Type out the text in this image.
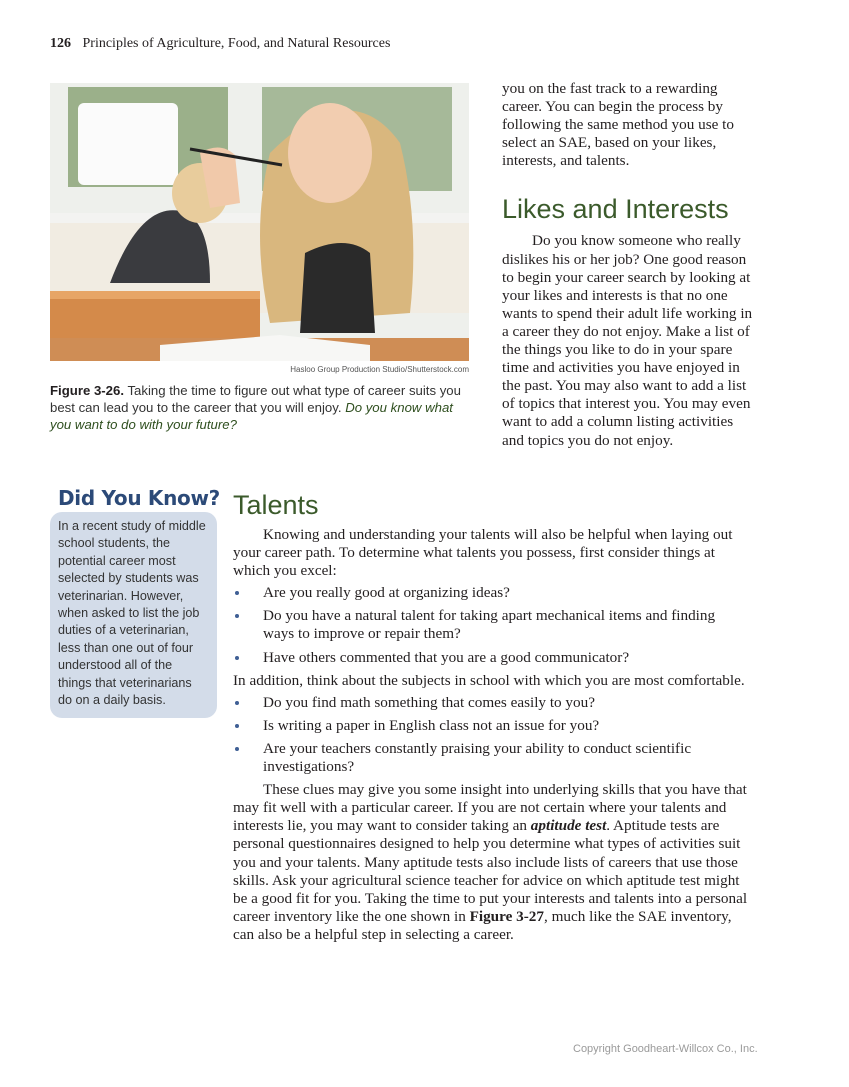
126 Principles of Agriculture, Food, and Natural Resources
Hasloo Group Production Studio/Shutterstock.com
Figure 3-26. Taking the time to figure out what type of career suits you best can lead you to the career that you will enjoy. Do you know what you want to do with your future?

you on the fast track to a rewarding career. You can begin the process by following the same method you use to select an SAE, based on your likes, interests, and talents.

Likes and Interests

Do you know someone who really dislikes his or her job? One good reason to begin your career search by looking at your likes and interests is that no one wants to spend their adult life working in a career they do not enjoy. Make a list of the things you like to do in your spare time and activities you have enjoyed in the past. You may also want to add a list of topics that interest you. You may even want to add a column listing activities and topics you do not enjoy.

Did You Know?
In a recent study of middle school students, the potential career most selected by students was veterinarian. However, when asked to list the job duties of a veterinarian, less than one out of four understood all of the things that veterinarians do on a daily basis.
Talents

Knowing and understanding your talents will also be helpful when laying out your career path. To determine what talents you possess, first consider things at which you excel:

Are you really good at organizing ideas?
Do you have a natural talent for taking apart mechanical items and finding ways to improve or repair them?
Have others commented that you are a good communicator?

In addition, think about the subjects in school with which you are most comfortable.

Do you find math something that comes easily to you?
Is writing a paper in English class not an issue for you?
Are your teachers constantly praising your ability to conduct scientific investigations?

These clues may give you some insight into underlying skills that you have that may fit well with a particular career. If you are not certain where your talents and interests lie, you may want to consider taking an aptitude test. Aptitude tests are personal questionnaires designed to help you determine what types of activities suit you and your talents. Many aptitude tests also include lists of careers that use those skills. Ask your agricultural science teacher for advice on which aptitude test might be a good fit for you. Taking the time to put your interests and talents into a personal career inventory like the one shown in Figure 3-27, much like the SAE inventory, can also be a helpful step in selecting a career.

Copyright Goodheart-Willcox Co., Inc.
